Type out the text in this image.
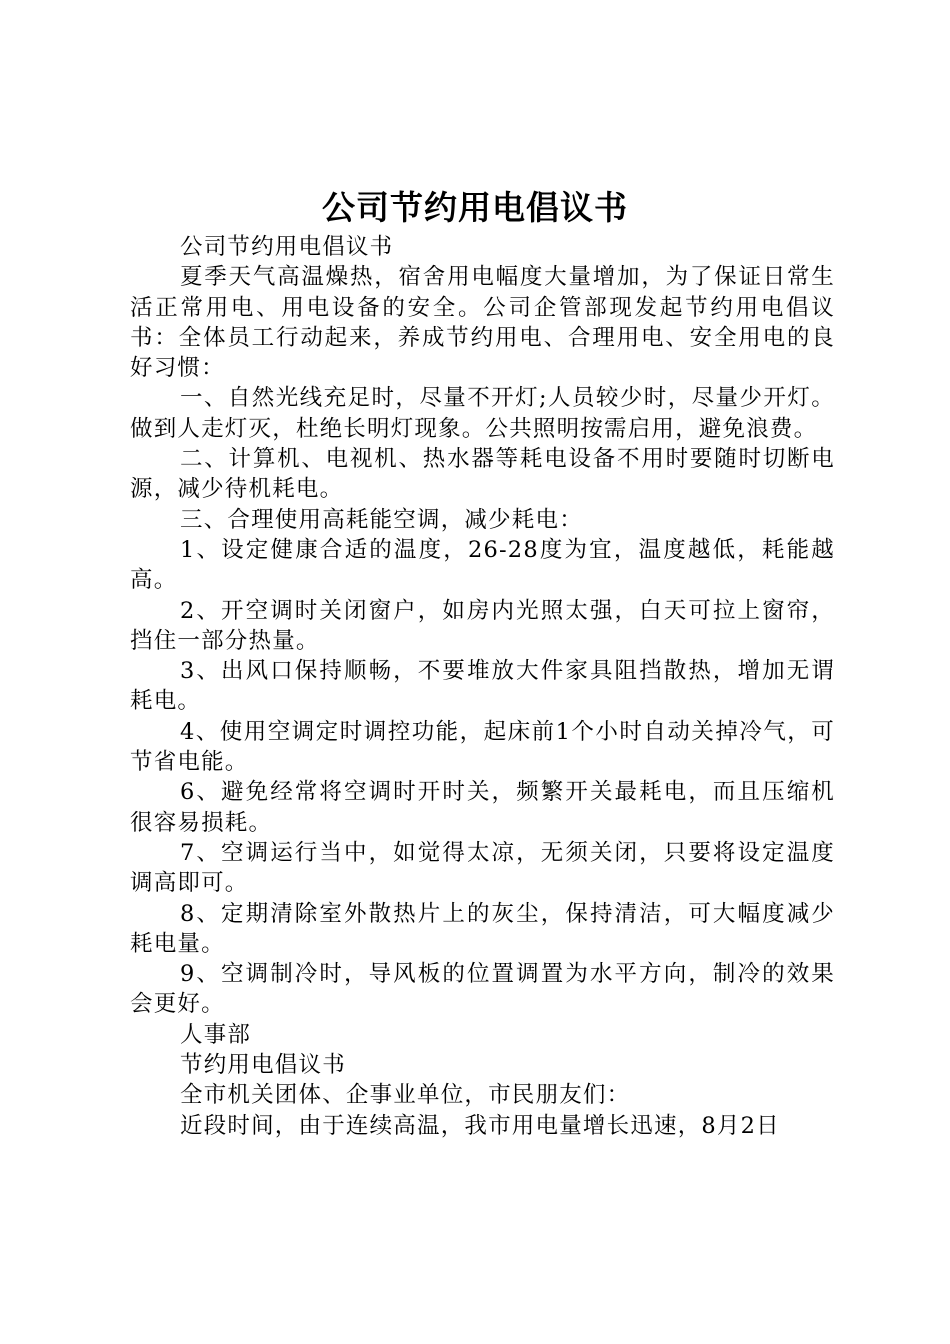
公司节约用电倡议书

公司节约用电倡议书

夏季天气高温燥热，宿舍用电幅度大量增加，为了保证日常生活正常用电、用电设备的安全。公司企管部现发起节约用电倡议书：全体员工行动起来，养成节约用电、合理用电、安全用电的良好习惯：

一、自然光线充足时，尽量不开灯;人员较少时，尽量少开灯。做到人走灯灭，杜绝长明灯现象。公共照明按需启用，避免浪费。

二、计算机、电视机、热水器等耗电设备不用时要随时切断电源，减少待机耗电。

三、合理使用高耗能空调，减少耗电：

1、设定健康合适的温度，26-28度为宜，温度越低，耗能越高。

2、开空调时关闭窗户，如房内光照太强，白天可拉上窗帘，挡住一部分热量。

3、出风口保持顺畅，不要堆放大件家具阻挡散热，增加无谓耗电。

4、使用空调定时调控功能，起床前1个小时自动关掉冷气，可节省电能。

6、避免经常将空调时开时关，频繁开关最耗电，而且压缩机很容易损耗。

7、空调运行当中，如觉得太凉，无须关闭，只要将设定温度调高即可。

8、定期清除室外散热片上的灰尘，保持清洁，可大幅度减少耗电量。

9、空调制冷时，导风板的位置调置为水平方向，制冷的效果会更好。

人事部

节约用电倡议书

全市机关团体、企事业单位，市民朋友们：

近段时间，由于连续高温，我市用电量增长迅速，8月2日
